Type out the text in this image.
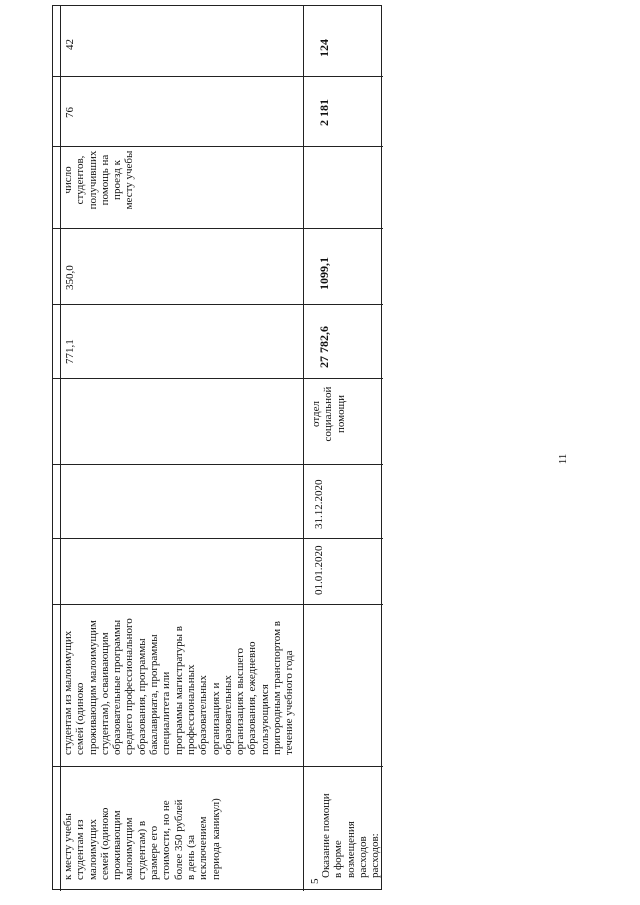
к месту учебы
студентам из
малоимущих
семей (одиноко
проживающим
малоимущим
студентам) в
размере его
стоимости, но не
более 350 рублей
в день (за
исключением
периода каникул)
студентам из малоимущих
семей (одиноко
проживающим малоимущим
студентам), осваивающим
образовательные программы
среднего профессионального
образования, программы
бакалавриата, программы
специалитета или
программы магистратуры в
профессиональных
образовательных
организациях и
образовательных
организациях высшего
образования, ежедневно
пользующимся
пригородным транспортом в
течение учебного года
771,1
350,0
число
студентов,
получивших
помощь на
проезд к
месту учебы
76
42
5
Оказание помощи
в форме
возмещения
расходов
расходов:
01.01.2020
31.12.2020
отдел
социальной
помощи
27 782,6
1099,1
2 181
124
11
